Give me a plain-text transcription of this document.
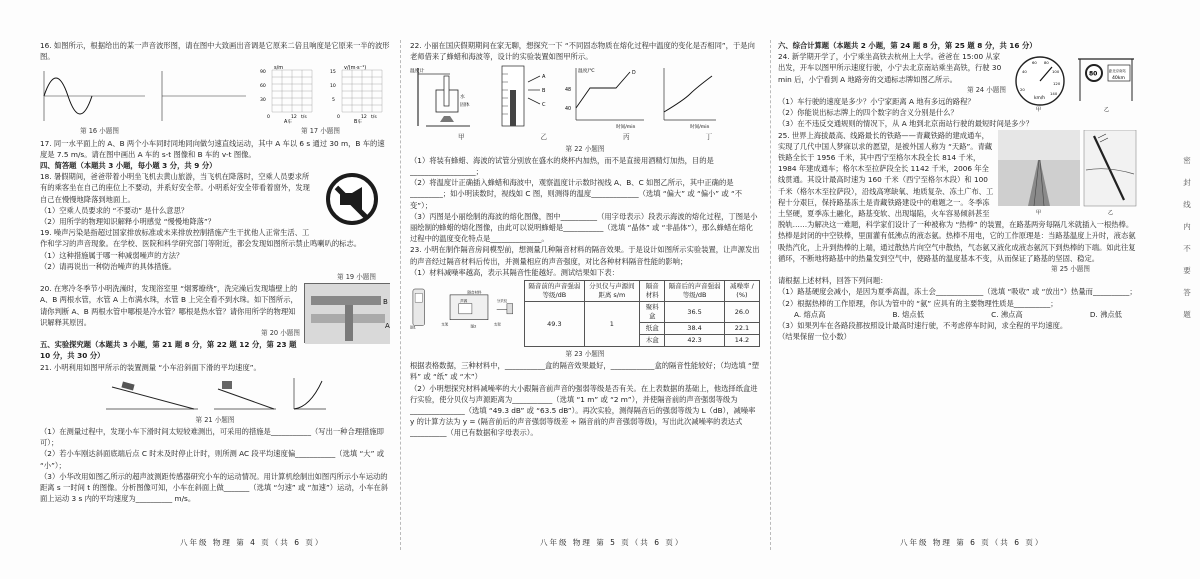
16. 如图所示，根据给出的某一声音波形图，请在图中大致画出音调是它原来二倍且响度是它原来一半的波形图。

s/m
90
60
30
0	12 t/s
A车
v/(m·s⁻¹)
15
10
5
0	12 t/s
B车
第 16 小题图	第 17 小题图

17. 同一水平面上的 A、B 两个小车同时同地同向做匀速直线运动，其中 A 车以 6 s 通过 30 m，B 车的速度是 7.5 m/s。请在图中画出 A 车的 s-t 图像和 B 车的 v-t 图像。

四、简答题（本题共 3 小题，每小题 3 分，共 9 分）

18. 暑假期间，爸爸带着小明坐飞机去黄山旅游，当飞机在降落时，空乘人员要求所有的乘客坐在自己的座位上不要动，并系好安全带。小明系好安全带看着窗外，发现自己在慢慢地降落到地面上。

（1）空乘人员要求的 “不要动” 是什么意思？

（2）用所学的物理知识解释小明感觉 “慢慢地降落”？

19. 噪声污染是指超过国家排放标准或未来排放控制措施产生干扰他人正常生活、工作和学习的声音现象。在学校、医院和科学研究部门等附近，都会发现如图所示禁止鸣喇叭的标志。

（1）这种措施属于哪一种减弱噪声的方法？

（2）请再说出一种防治噪声的具体措施。

第 19 小题图

B
A

20. 在寒冷冬季节小明洗澡时，发现浴室里 “烟雾缭绕”，洗完澡后发现墙壁上的 A、B 两根水管，水管 A 上布满水珠，水管 B 上完全看不到水珠。如下图所示，请你判断 A、B 两根水管中哪根是冷水管？哪根是热水管？请你用所学的物理知识解释其原因。

第 20 小题图

五、实验探究题（本题共 3 小题，第 21 题 8 分，第 22 题 12 分，第 23 题 10 分，共 30 分）

21. 小明利用如图甲所示的装置测量 “小车沿斜面下滑的平均速度”。

第 21 小题图

（1）在测量过程中，发现小车下滑时间太短较难测出，可采用的措施是___________（写出一种合理措施即可）；

（2）若小车刚达斜面底端后点 C 时未及时停止计时，则所测 AC 段平均速度偏___________（选填 “大” 或 “小”）；

（3）小华改用如图乙所示的超声波测距传感器研究小车的运动情况。用计算机绘制出如图丙所示小车运动的距离 s 一时间 t 的图像。分析图像可知，小车在斜面上做_______（选填 “匀速” 或 “加速”）运动，小车在斜面上运动 3 s 内的平均速度为__________ m/s。

八年级 物理 第 4 页（共 6 页）

22. 小丽在国庆假期期间在家无聊，想探究一下 “不同固态物质在熔化过程中温度的变化是否相同”，于是向老师借来了蜂蜡和海波等，设计的实验装置如图甲所示。

温度计
水
固体
A
B
C
温度/℃
48
40
D
时间/min	时间/min
甲	乙	丙	丁

第 22 小题图

（1）将装有蜂蜡、海波的试管分别放在盛水的烧杯内加热，而不是直接用酒精灯加热，目的是__________________；

（2）将温度计正确插入蜂蜡和海波中，观察温度计示数时视线 A、B、C 如图乙所示，其中正确的是_________；如小明读数时，视线如 C 图，则测得的温度_____________（选填 “偏大” 或 “偏小” 或 “不变”）；

（3）丙图是小丽绘制的海波的熔化图像，图中__________（用字母表示）段表示海波的熔化过程，丁图是小丽绘制的蜂蜡的熔化图像，由此可以说明蜂蜡是___________（选填 “晶体” 或 “非晶体”），那么蜂蜡在熔化过程中的温度变化特点是______________。

23. 小明在制作隔音房间模型前，想测量几种隔音材料的隔音效果。于是设计如图所示实验装置，让声源发出的声音经过隔音材料后传出，并测量相应的声音强度，对比各种材料隔音性能的影响；

（1）材料减噪率越高，表示其隔音性能越好。测试结果如下表：

图1
隔音材料
声源	分贝仪
支架	支架
图2
隔音前的声音强弱等级/dB	分贝仪与声源间距离 s/m	隔音材料	隔音后的声音强弱等级/dB	减噪率 / (%)
49.3	1	聚料盒	36.5	26.0
		纸盒	38.4	22.1
		木盒	42.3	14.2

第 23 小题图

根据表格数据，三种材料中，___________盒的隔音效果最好，____________盒的隔音性能较好；（均选填 “塑料” 或 “纸” 或 “木”）

（2）小明想探究材料减噪率的大小跟隔音前声音的强弱等级是否有关。在上表数据的基础上，他选择纸盒进行实验，使分贝仪与声源距离为___________（选填 “1 m” 或 “2 m”），并使隔音前的声音强弱等级为_______________（选填 “49.3 dB” 或 “63.5 dB”）。再次实验，测得隔音后的强弱等级为 L（dB），减噪率 y 的计算方法为 y = (隔音前后的声音强弱等级差 ÷ 隔音前的声音强弱等级)，写出此次减噪率的表达式__________（用已有数据和字母表示）。

八年级 物理 第 5 页（共 6 页）

六、综合计算题（本题共 2 小题，第 24 题 8 分，第 25 题 8 分，共 16 分）

20
40
60 80
100
120
140
km/h
甲
80	距北京南站
40km
乙

24. 新学期开学了，小宁乘坐高铁去杭州上大学。爸爸在 15:00 从家出发，开车以图甲所示速度行驶，小宁去北京南站乘坐高铁，行驶 30 min 后，小宁看到 A 地路旁的交通标志牌如图乙所示。

第 24 小题图

（1）车行驶的速度是多少？小宁家距离 A 地有多远的路程？

（2）你能说出标志牌上的四个数字的含义分别是什么？

（3）在不违反交通规则的情况下，从 A 地到北京南站行驶的最短时间是多少？

甲	乙

25. 世界上海拔最高、线路最长的铁路——青藏铁路的建成通车，实现了几代中国人梦寐以求的愿望，是被外国人称为 “天路”。青藏铁路全长于 1956 千米，其中西宁至格尔木段全长 814 千米，1984 年建成通车；格尔木至拉萨段全长 1142 千米，2006 年全线贯通。其设计最高时速为 160 千米（西宁至格尔木段）和 100 千米（格尔木至拉萨段），沿线高寒缺氧、地质复杂、冻土广布、工程十分艰巨，保持路基冻土是青藏铁路建设中的难题之一。冬季冻土坚硬，夏季冻土融化，路基变软、出现塌陷，火车容易倾斜甚至脱轨……为解决这一难题，科学家们设计了一种被称为 “热棒” 的装置，在路基两旁每隔几米就插入一根热棒。热棒是封闭的中空铁棒，里面灌有低沸点的液态氨。热棒不用电，它的工作原理是：当路基温度上升时，液态氨吸热汽化，上升到热棒的上端，通过散热片向空气中散热，气态氨又液化成液态氨沉下到热棒的下端。如此往复循环，不断地将路基中的热量发到空气中，使路基的温度基本不变，从而保证了路基的坚固、稳定。

第 25 小题图

请根据上述材料，回答下列问题：

（1）路基硬度会减小，是因为夏季高温，冻土会_____________（选填 “吸收” 或 “放出”）热量而__________；

（2）根据热棒的工作原理，你认为管中的 “氨” 应具有的主要物理性质是__________；

A. 熔点高	B. 熔点低	C. 沸点高	D. 沸点低

（3）如果列车在各路段都按照设计最高时速行驶，不考虑停车时间，求全程的平均速度。

（结果保留一位小数）

八年级 物理 第 6 页（共 6 页）
密
封
线
内
不
要
答
题
